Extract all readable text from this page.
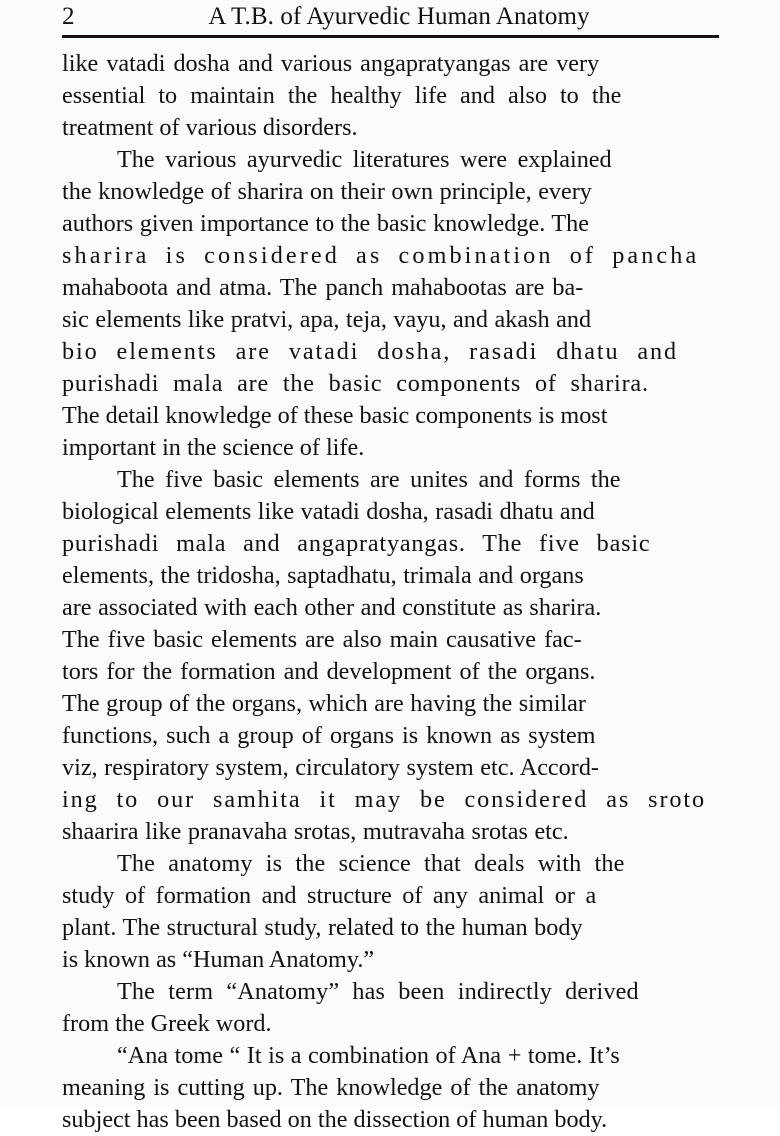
2	A T.B. of Ayurvedic Human Anatomy

like vatadi dosha and various angapratyangas are very
essential to maintain the healthy life and also to the
treatment of various disorders.

The various ayurvedic literatures were explained
the knowledge of sharira on their own principle, every
authors given importance to the basic knowledge. The
sharira is considered as combination of pancha
mahaboota and atma. The panch mahabootas are ba-
sic elements like pratvi, apa, teja, vayu, and akash and
bio elements are vatadi dosha, rasadi dhatu and
purishadi mala are the basic components of sharira.
The detail knowledge of these basic components is most
important in the science of life.

The five basic elements are unites and forms the
biological elements like vatadi dosha, rasadi dhatu and
purishadi mala and angapratyangas. The five basic
elements, the tridosha, saptadhatu, trimala and organs
are associated with each other and constitute as sharira.
The five basic elements are also main causative fac-
tors for the formation and development of the organs.
The group of the organs, which are having the similar
functions, such a group of organs is known as system
viz, respiratory system, circulatory system etc. Accord-
ing to our samhita it may be considered as sroto
shaarira like pranavaha srotas, mutravaha srotas etc.

The anatomy is the science that deals with the
study of formation and structure of any animal or a
plant. The structural study, related to the human body
is known as “Human Anatomy.”

The term “Anatomy” has been indirectly derived
from the Greek word.

“Ana tome “ It is a combination of Ana + tome. It’s
meaning is cutting up. The knowledge of the anatomy
subject has been based on the dissection of human body.
